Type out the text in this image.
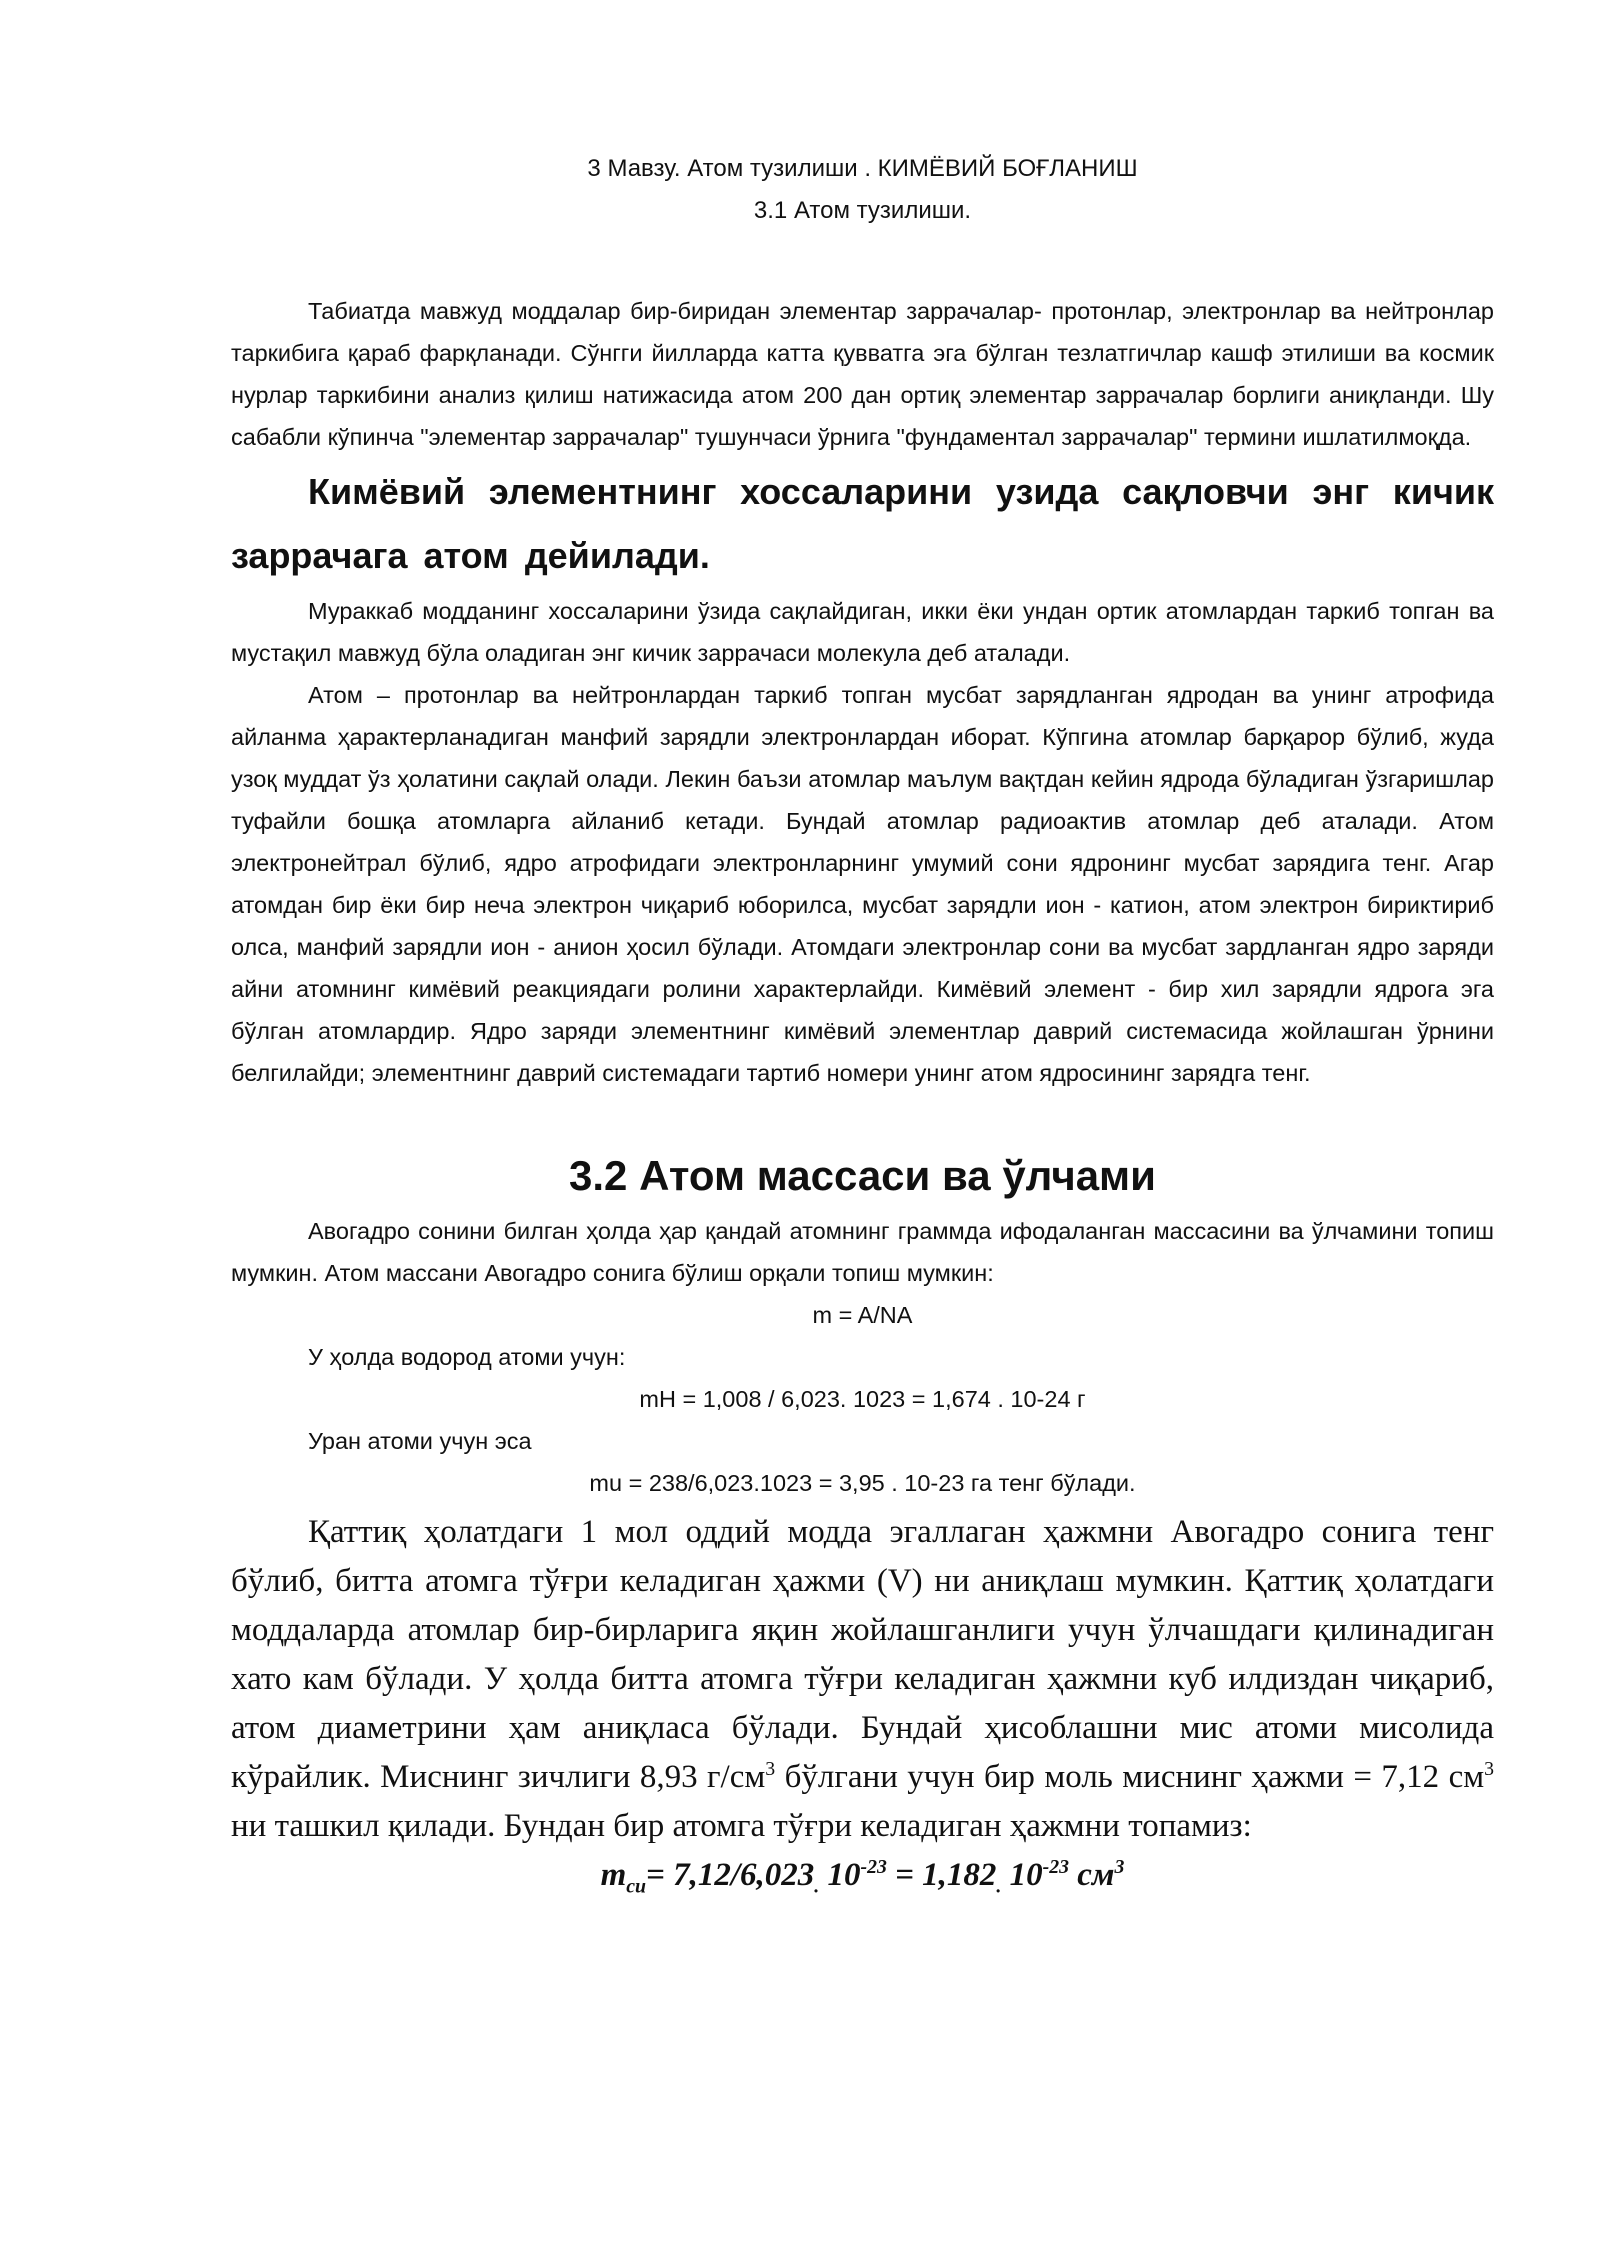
3 Мавзу. Атом тузилиши . КИМЁВИЙ БОҒЛАНИШ

3.1 Атом тузилиши.

Табиатда мавжуд моддалар бир-биридан элементар заррачалар- протонлар, электронлар ва нейтронлар таркибига қараб фарқланади. Сўнгги йилларда катта қувватга эга бўлган тезлатгичлар кашф этилиши ва космик нурлар таркибини анализ қилиш натижасида атом 200 дан ортиқ элементар заррачалар борлиги аниқланди. Шу сабабли кўпинча "элементар заррачалар" тушунчаси ўрнига "фундаментал заррачалар" термини ишлатилмоқда.

Кимёвий элементнинг хоссаларини узида сақловчи энг кичик заррачага атом дейилади.

Мураккаб модданинг хоссаларини ўзида сақлайдиган, икки ёки ундан ортик атомлардан таркиб топган ва мустақил мавжуд бўла оладиган энг кичик заррачаси молекула деб аталади.

Атом – протонлар ва нейтронлардан таркиб топган мусбат зарядланган ядродан ва унинг атрофида айланма ҳарактерланадиган манфий зарядли электронлардан иборат. Кўпгина атомлар барқарор бўлиб, жуда узоқ муддат ўз ҳолатини сақлай олади. Лекин баъзи атомлар маълум вақтдан кейин ядрода бўладиган ўзгаришлар туфайли бошқа атомларга айланиб кетади. Бундай атомлар радиоактив атомлар деб аталади. Атом электронейтрал бўлиб, ядро атрофидаги электронларнинг умумий сони ядронинг мусбат зарядига тенг. Агар атомдан бир ёки бир неча электрон чиқариб юборилса, мусбат зарядли ион - катион, атом электрон бириктириб олса, манфий зарядли ион - анион ҳосил бўлади. Атомдаги электронлар сони ва мусбат зардланган ядро заряди айни атомнинг кимёвий реакциядаги ролини характерлайди. Кимёвий элемент - бир хил зарядли ядрога эга бўлган атомлардир. Ядро заряди элементнинг кимёвий элементлар даврий системасида жойлашган ўрнини белгилайди; элементнинг даврий системадаги тартиб номери унинг атом ядросининг зарядга тенг.

3.2 Атом массаси ва ўлчами

Авогадро сонини билган ҳолда ҳар қандай атомнинг граммда ифодаланган массасини ва ўлчамини топиш мумкин. Атом массани Авогадро сонига бўлиш орқали топиш мумкин:

m = A/NA

У ҳолда водород атоми учун:

mH = 1,008 / 6,023. 1023 = 1,674 . 10-24 г

Уран атоми учун эса

mu = 238/6,023.1023 = 3,95 . 10-23 га тенг бўлади.

Қаттиқ ҳолатдаги 1 мол оддий модда эгаллаган ҳажмни Авогадро сонига тенг бўлиб, битта атомга тўғри келадиган ҳажми (V) ни аниқлаш мумкин. Қаттиқ ҳолатдаги моддаларда атомлар бир-бирларига яқин жойлашганлиги учун ўлчашдаги қилинадиган хато кам бўлади. У ҳолда битта атомга тўғри келадиган ҳажмни куб илдиздан чиқариб, атом диаметрини ҳам аниқласа бўлади. Бундай ҳисоблашни мис атоми мисолида кўрайлик. Миснинг зичлиги 8,93 $г/см^3$ бўлгани учун бир моль миснинг ҳажми = 7,12 $см^3$ ни ташкил қилади. Бундан бир атомга тўғри келадиган ҳажмни топамиз:

$m_{cu}= 7,12/6,023_.$ $10^{-23} = 1,182_.$ $10^{-23}$ $см^3$
